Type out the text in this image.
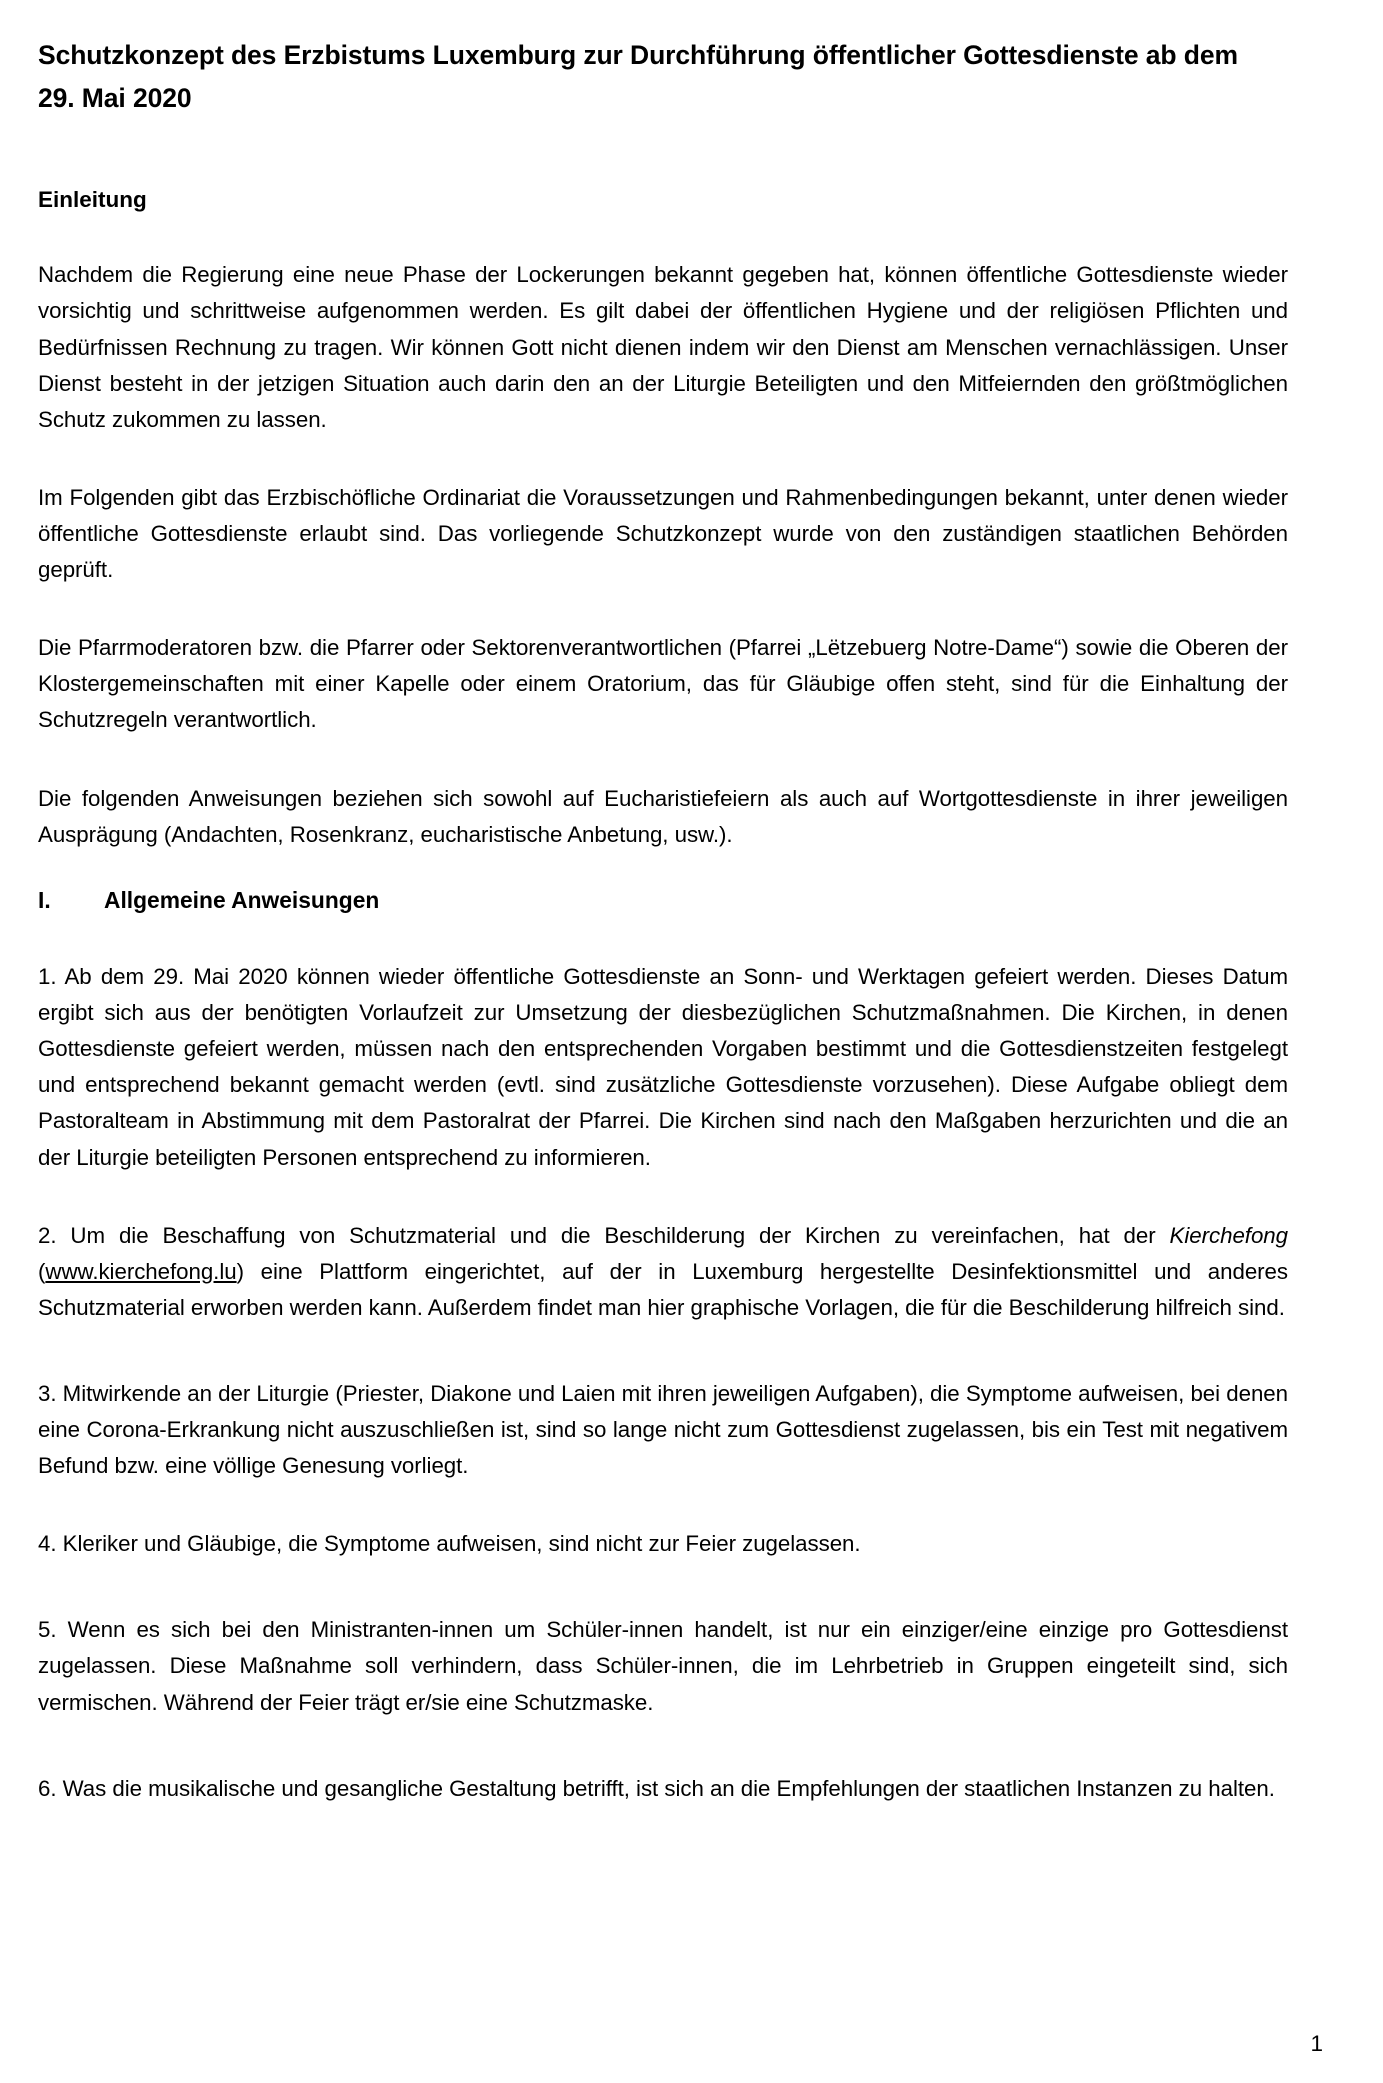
Schutzkonzept des Erzbistums Luxemburg zur Durchführung öffentlicher Gottesdienste ab dem 29. Mai 2020
Einleitung

Nachdem die Regierung eine neue Phase der Lockerungen bekannt gegeben hat, können öffentliche Gottesdienste wieder vorsichtig und schrittweise aufgenommen werden. Es gilt dabei der öffentlichen Hygiene und der religiösen Pflichten und Bedürfnissen Rechnung zu tragen. Wir können Gott nicht dienen indem wir den Dienst am Menschen vernachlässigen. Unser Dienst besteht in der jetzigen Situation auch darin den an der Liturgie Beteiligten und den Mitfeiernden den größtmöglichen Schutz zukommen zu lassen.

Im Folgenden gibt das Erzbischöfliche Ordinariat die Voraussetzungen und Rahmenbedingungen bekannt, unter denen wieder öffentliche Gottesdienste erlaubt sind. Das vorliegende Schutzkonzept wurde von den zuständigen staatlichen Behörden geprüft.

Die Pfarrmoderatoren bzw. die Pfarrer oder Sektorenverantwortlichen (Pfarrei „Lëtzebuerg Notre-Dame“) sowie die Oberen der Klostergemeinschaften mit einer Kapelle oder einem Oratorium, das für Gläubige offen steht, sind für die Einhaltung der Schutzregeln verantwortlich.

Die folgenden Anweisungen beziehen sich sowohl auf Eucharistiefeiern als auch auf Wortgottesdienste in ihrer jeweiligen Ausprägung (Andachten, Rosenkranz, eucharistische Anbetung, usw.).

I.	Allgemeine Anweisungen

1. Ab dem 29. Mai 2020 können wieder öffentliche Gottesdienste an Sonn- und Werktagen gefeiert werden. Dieses Datum ergibt sich aus der benötigten Vorlaufzeit zur Umsetzung der diesbezüglichen Schutzmaßnahmen. Die Kirchen, in denen Gottesdienste gefeiert werden, müssen nach den entsprechenden Vorgaben bestimmt und die Gottesdienstzeiten festgelegt und entsprechend bekannt gemacht werden (evtl. sind zusätzliche Gottesdienste vorzusehen). Diese Aufgabe obliegt dem Pastoralteam in Abstimmung mit dem Pastoralrat der Pfarrei. Die Kirchen sind nach den Maßgaben herzurichten und die an der Liturgie beteiligten Personen entsprechend zu informieren.

2. Um die Beschaffung von Schutzmaterial und die Beschilderung der Kirchen zu vereinfachen, hat der Kierchefong (www.kierchefong.lu) eine Plattform eingerichtet, auf der in Luxemburg hergestellte Desinfektionsmittel und anderes Schutzmaterial erworben werden kann. Außerdem findet man hier graphische Vorlagen, die für die Beschilderung hilfreich sind.

3. Mitwirkende an der Liturgie (Priester, Diakone und Laien mit ihren jeweiligen Aufgaben), die Symptome aufweisen, bei denen eine Corona-Erkrankung nicht auszuschließen ist, sind so lange nicht zum Gottesdienst zugelassen, bis ein Test mit negativem Befund bzw. eine völlige Genesung vorliegt.

4. Kleriker und Gläubige, die Symptome aufweisen, sind nicht zur Feier zugelassen.

5. Wenn es sich bei den Ministranten-innen um Schüler-innen handelt, ist nur ein einziger/eine einzige pro Gottesdienst zugelassen. Diese Maßnahme soll verhindern, dass Schüler-innen, die im Lehrbetrieb in Gruppen eingeteilt sind, sich vermischen. Während der Feier trägt er/sie eine Schutzmaske.

6. Was die musikalische und gesangliche Gestaltung betrifft, ist sich an die Empfehlungen der staatlichen Instanzen zu halten.

1
